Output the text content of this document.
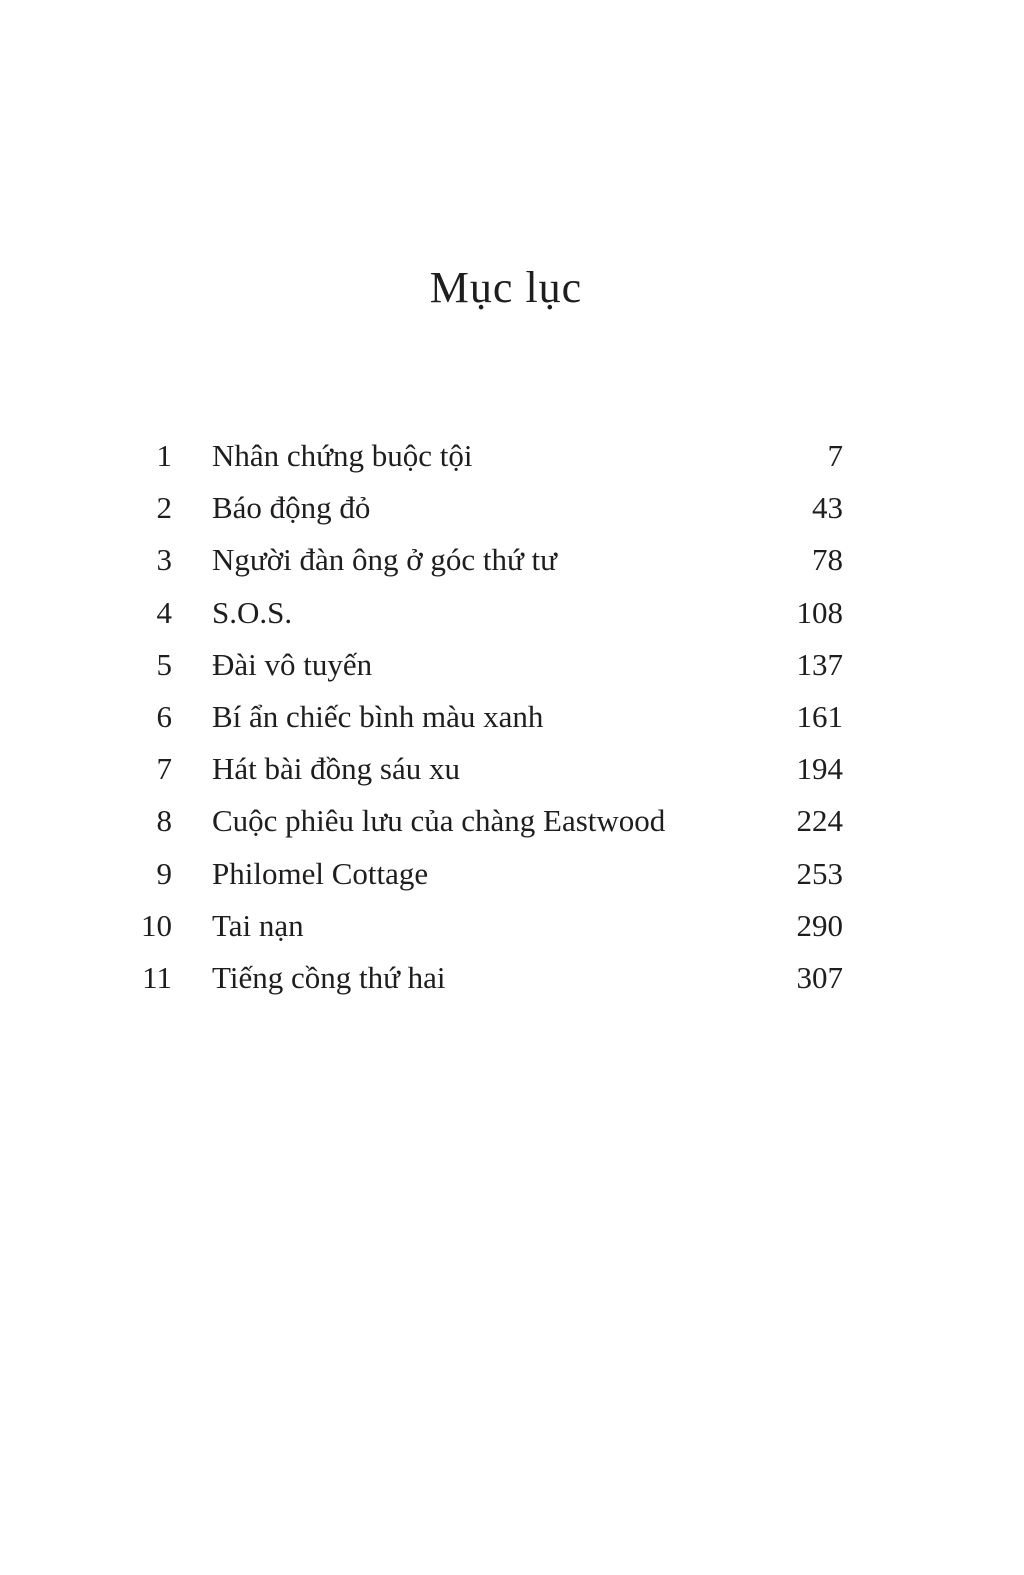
Mục lục
1 Nhân chứng buộc tội	7
2 Báo động đỏ	43
3 Người đàn ông ở góc thứ tư	78
4 S.O.S.	108
5 Đài vô tuyến	137
6 Bí ẩn chiếc bình màu xanh	161
7 Hát bài đồng sáu xu	194
8 Cuộc phiêu lưu của chàng Eastwood	224
9 Philomel Cottage	253
10 Tai nạn	290
11 Tiếng cồng thứ hai	307
